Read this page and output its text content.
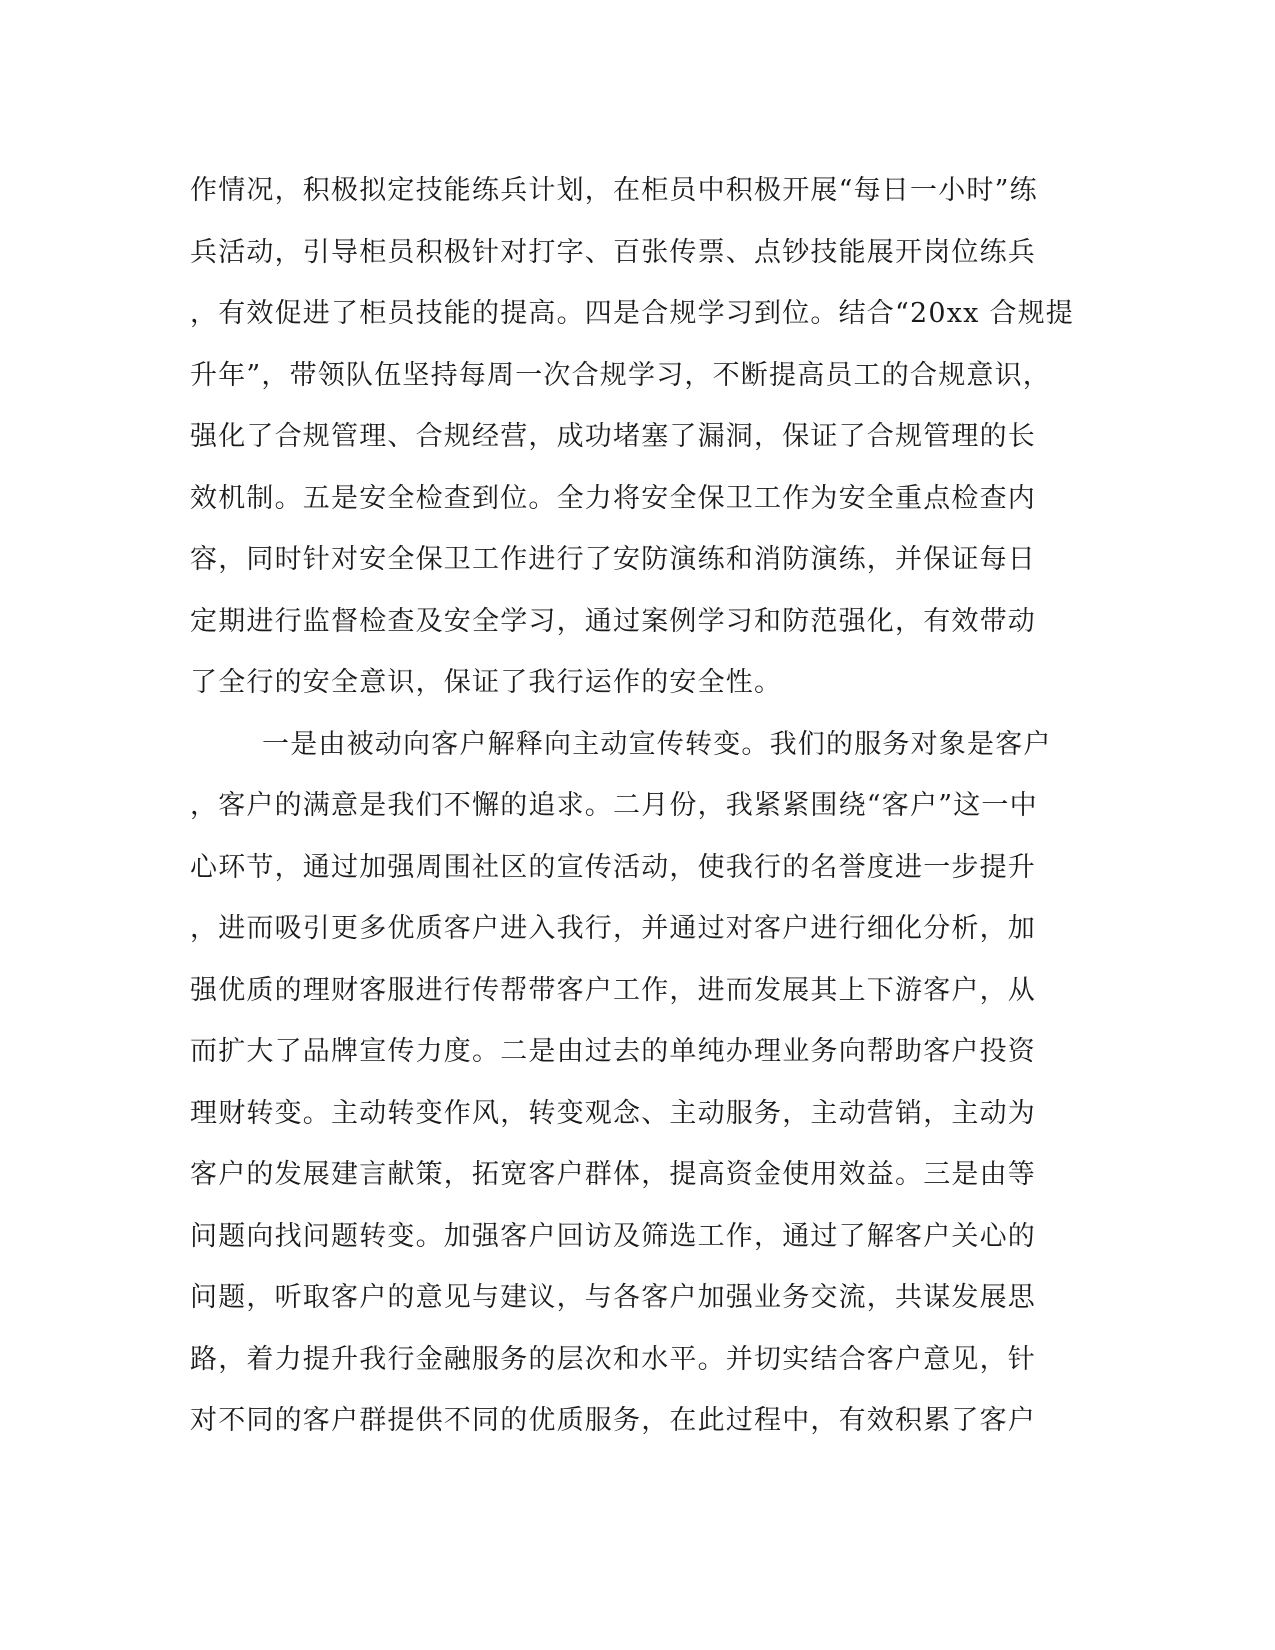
作情况，积极拟定技能练兵计划，在柜员中积极开展“每日一小时”练
兵活动，引导柜员积极针对打字、百张传票、点钞技能展开岗位练兵
，有效促进了柜员技能的提高。四是合规学习到位。结合“20xx 合规提
升年”，带领队伍坚持每周一次合规学习，不断提高员工的合规意识，
强化了合规管理、合规经营，成功堵塞了漏洞，保证了合规管理的长
效机制。五是安全检查到位。全力将安全保卫工作为安全重点检查内
容，同时针对安全保卫工作进行了安防演练和消防演练，并保证每日
定期进行监督检查及安全学习，通过案例学习和防范强化，有效带动
了全行的安全意识，保证了我行运作的安全性。
一是由被动向客户解释向主动宣传转变。我们的服务对象是客户
，客户的满意是我们不懈的追求。二月份，我紧紧围绕“客户”这一中
心环节，通过加强周围社区的宣传活动，使我行的名誉度进一步提升
，进而吸引更多优质客户进入我行，并通过对客户进行细化分析，加
强优质的理财客服进行传帮带客户工作，进而发展其上下游客户，从
而扩大了品牌宣传力度。二是由过去的单纯办理业务向帮助客户投资
理财转变。主动转变作风，转变观念、主动服务，主动营销，主动为
客户的发展建言献策，拓宽客户群体，提高资金使用效益。三是由等
问题向找问题转变。加强客户回访及筛选工作，通过了解客户关心的
问题，听取客户的意见与建议，与各客户加强业务交流，共谋发展思
路，着力提升我行金融服务的层次和水平。并切实结合客户意见，针
对不同的客户群提供不同的优质服务，在此过程中，有效积累了客户
